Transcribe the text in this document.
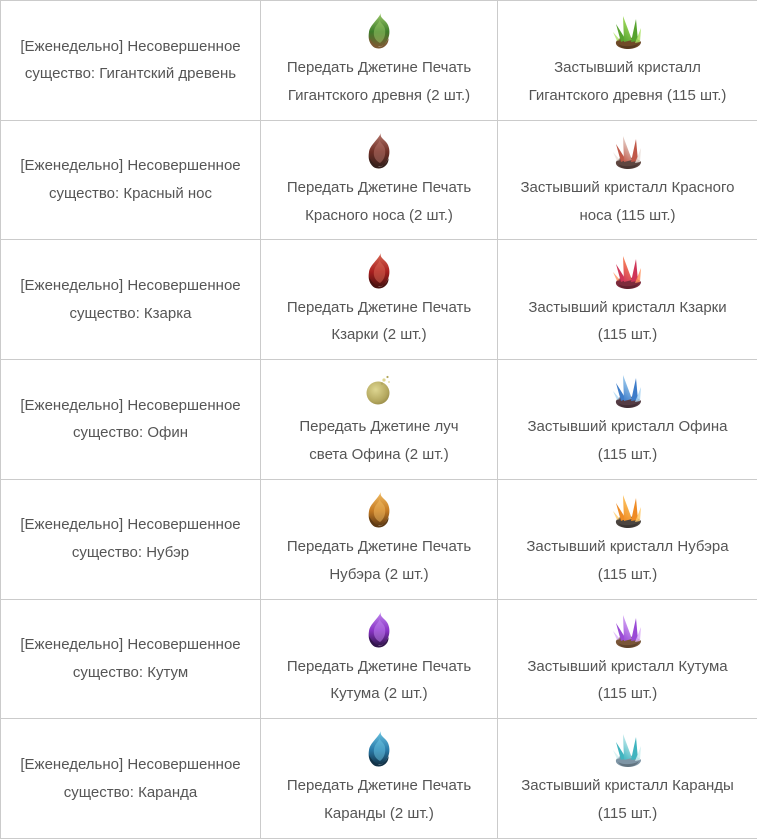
[Еженедельно] Несовершенное существо: Гигантский древень	Передать Джетине Печать Гигантского древня (2 шт.)	Застывший кристалл Гигантского древня (115 шт.)

[Еженедельно] Несовершенное существо: Красный нос	Передать Джетине Печать Красного носа (2 шт.)	Застывший кристалл Красного носа (115 шт.)

[Еженедельно] Несовершенное существо: Кзарка	Передать Джетине Печать Кзарки (2 шт.)	Застывший кристалл Кзарки (115 шт.)

[Еженедельно] Несовершенное существо: Офин	Передать Джетине луч света Офина (2 шт.)	Застывший кристалл Офина (115 шт.)

[Еженедельно] Несовершенное существо: Нубэр	Передать Джетине Печать Нубэра (2 шт.)	Застывший кристалл Нубэра (115 шт.)

[Еженедельно] Несовершенное существо: Кутум	Передать Джетине Печать Кутума (2 шт.)	Застывший кристалл Кутума (115 шт.)

[Еженедельно] Несовершенное существо: Каранда	Передать Джетине Печать Каранды (2 шт.)	Застывший кристалл Каранды (115 шт.)
